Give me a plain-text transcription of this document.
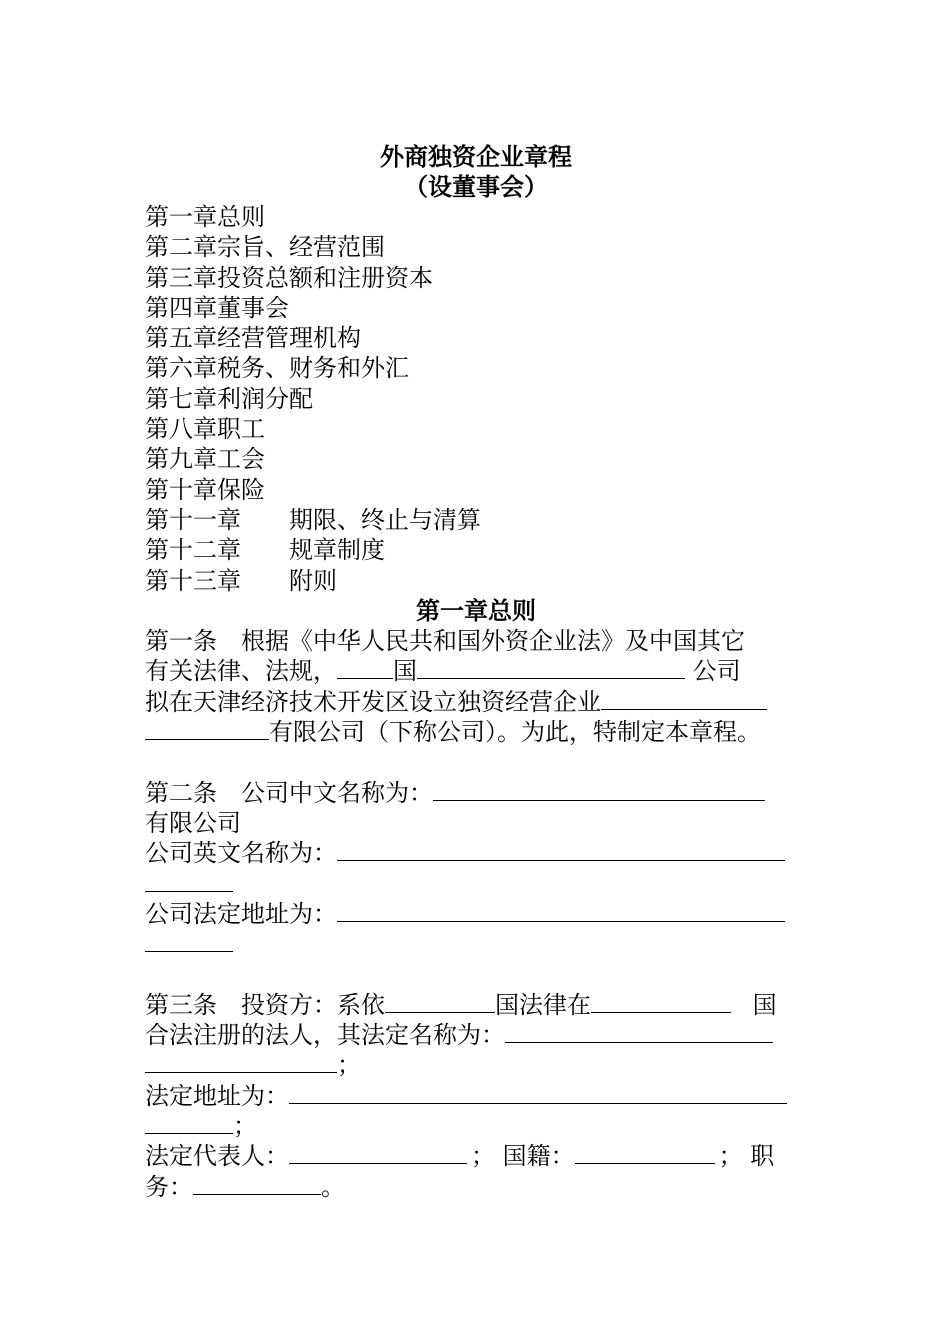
外商独资企业章程
（设董事会）
第一章总则
第二章宗旨、经营范围
第三章投资总额和注册资本
第四章董事会
第五章经营管理机构
第六章税务、财务和外汇
第七章利润分配
第八章职工
第九章工会
第十章保险
第十一章 期限、终止与清算
第十二章 规章制度
第十三章 附则
第一章总则
第一条　根据《中华人民共和国外资企业法》及中国其它
有关法律、法规， 国	公司
拟在天津经济技术开发区设立独资经营企业
有限公司（下称公司）。为此，特制定本章程。
第二条　公司中文名称为：
有限公司
公司英文名称为：
公司法定地址为：
第三条　投资方：系依	国法律在	国
合法注册的法人，其法定名称为：
；
法定地址为：
；
法定代表人：	； 国籍：	； 职
务：	。
